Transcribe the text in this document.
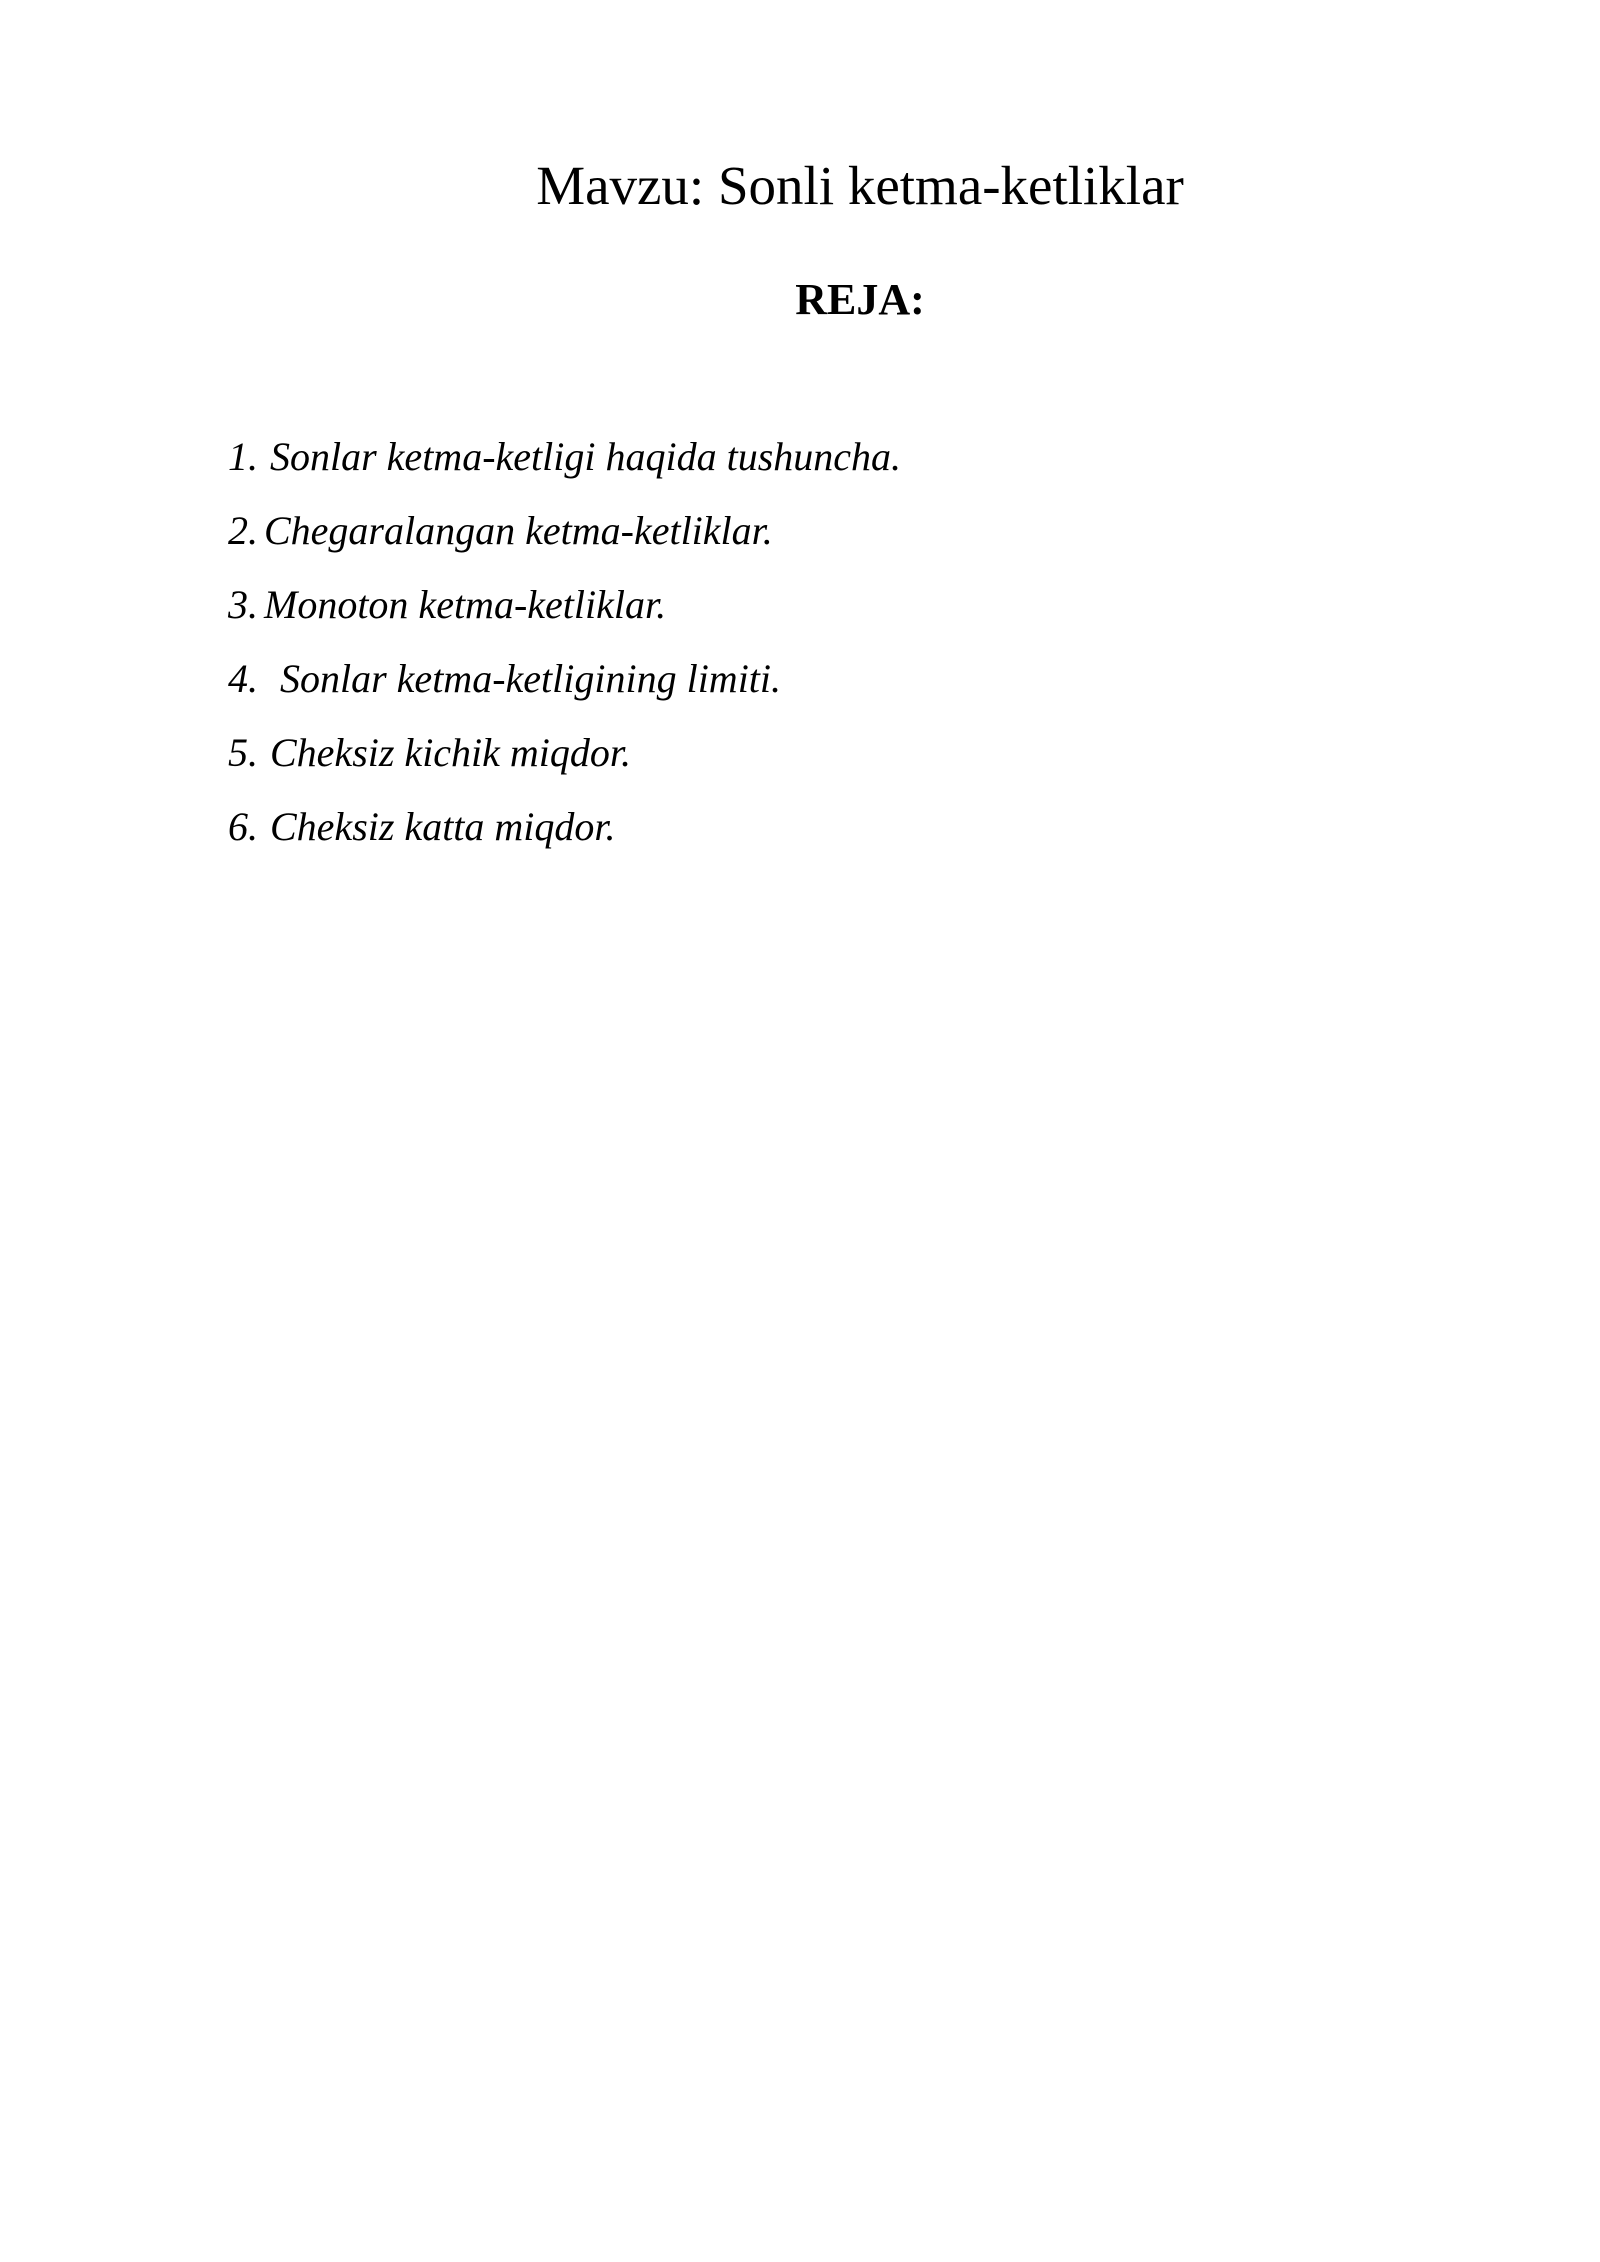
Mavzu: Sonli ketma-ketliklar
REJA:
1. Sonlar ketma-ketligi haqida tushuncha.
2. Chegaralangan ketma-ketliklar.
3. Monoton ketma-ketliklar.
4. Sonlar ketma-ketligining limiti.
5. Cheksiz kichik miqdor.
6. Cheksiz katta miqdor.
